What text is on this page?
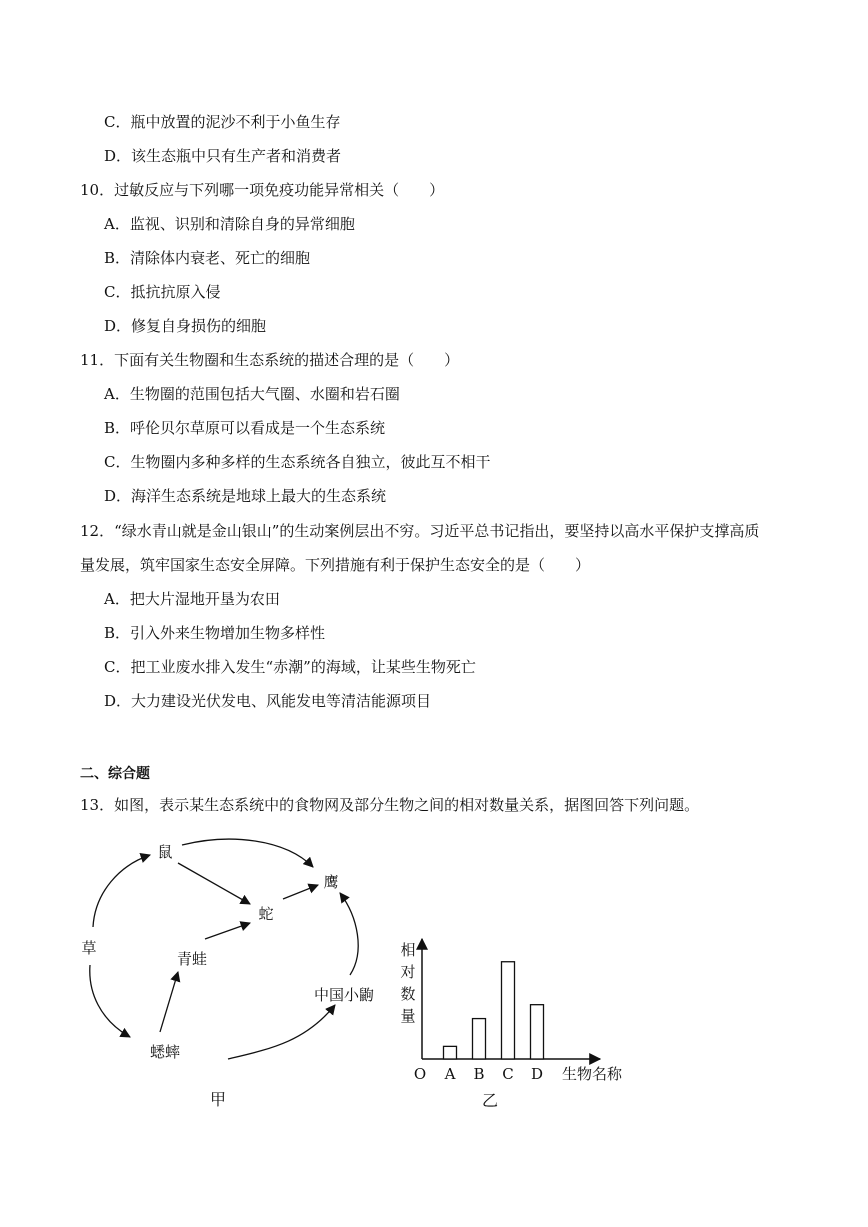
C．瓶中放置的泥沙不利于小鱼生存
D．该生态瓶中只有生产者和消费者
10．过敏反应与下列哪一项免疫功能异常相关（　　）
A．监视、识别和清除自身的异常细胞
B．清除体内衰老、死亡的细胞
C．抵抗抗原入侵
D．修复自身损伤的细胞
11．下面有关生物圈和生态系统的描述合理的是（　　）
A．生物圈的范围包括大气圈、水圈和岩石圈
B．呼伦贝尔草原可以看成是一个生态系统
C．生物圈内多种多样的生态系统各自独立，彼此互不相干
D．海洋生态系统是地球上最大的生态系统
12．“绿水青山就是金山银山”的生动案例层出不穷。习近平总书记指出，要坚持以高水平保护支撑高质
量发展，筑牢国家生态安全屏障。下列措施有利于保护生态安全的是（　　）
A．把大片湿地开垦为农田
B．引入外来生物增加生物多样性
C．把工业废水排入发生“赤潮”的海域，让某些生物死亡
D．大力建设光伏发电、风能发电等清洁能源项目
二、综合题
13．如图，表示某生态系统中的食物网及部分生物之间的相对数量关系，据图回答下列问题。
鼠
鹰
蛇
草
青蛙
中国小鼩
蟋蟀
甲
相
对
数
量
O	生物名称
A B C D
乙
